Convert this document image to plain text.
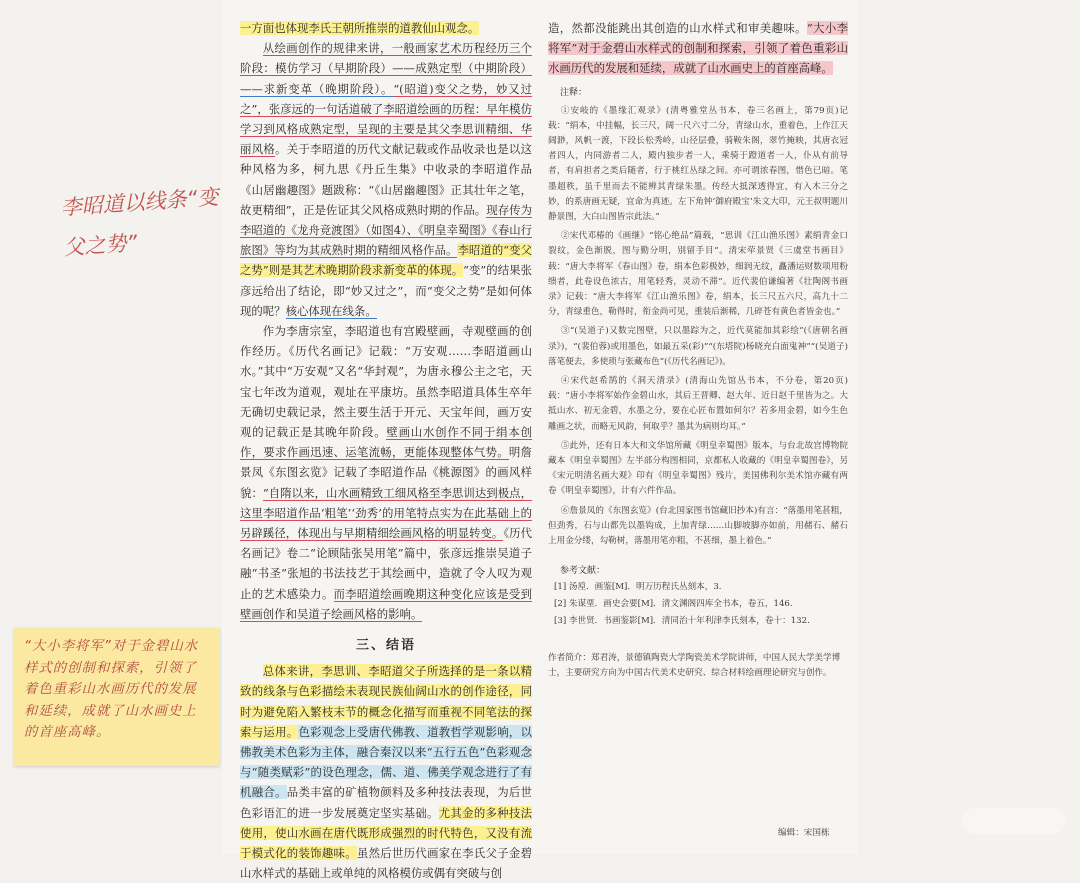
李昭道以线条“变父之势”
“大小李将军”对于金碧山水样式的创制和探索，引领了着色重彩山水画历代的发展和延续，成就了山水画史上的首座高峰。

一方面也体现李氏王朝所推崇的道教仙山观念。

从绘画创作的规律来讲，一般画家艺术历程经历三个阶段：模仿学习（早期阶段）——成熟定型（中期阶段）——求新变革（晚期阶段）。“(昭道)变父之势，妙又过之”，张彦远的一句话道破了李昭道绘画的历程：早年模仿学习到风格成熟定型，呈现的主要是其父李思训精细、华丽风格。关于李昭道的历代文献记载或作品收录也是以这种风格为多，柯九思《丹丘生集》中收录的李昭道作品《山居幽趣图》题跋称：“《山居幽趣图》正其壮年之笔，故更精细”，正是佐证其父风格成熟时期的作品。现存传为李昭道的《龙舟竞渡图》（如图4）、《明皇幸蜀图》《春山行旅图》等均为其成熟时期的精细风格作品。李昭道的“变父之势”则是其艺术晚期阶段求新变革的体现。“变”的结果张彦远给出了结论，即“妙又过之”，而“变父之势”是如何体现的呢？核心体现在线条。

作为李唐宗室，李昭道也有宫殿壁画，寺观壁画的创作经历。《历代名画记》记载：“万安观……李昭道画山水。”其中“万安观”又名“华封观”，为唐永穆公主之宅，天宝七年改为道观，观址在平康坊。虽然李昭道具体生卒年无确切史载记录，然主要生活于开元、天宝年间，画万安观的记载正是其晚年阶段。壁画山水创作不同于绢本创作，要求作画迅速、运笔流畅，更能体现整体气势。明詹景凤《东图玄览》记载了李昭道作品《桃源图》的画风样貌：“自隋以来，山水画精致工细风格至李思训达到极点，这里李昭道作品‘粗笔’‘劲秀’的用笔特点实为在此基础上的另辟蹊径，体现出与早期精细绘画风格的明显转变。《历代名画记》卷二“论顾陆张吴用笔”篇中，张彦远推崇吴道子融“书圣”张旭的书法技艺于其绘画中，造就了令人叹为观止的艺术感染力。而李昭道绘画晚期这种变化应该是受到壁画创作和吴道子绘画风格的影响。

三、结语

总体来讲，李思训、李昭道父子所选择的是一条以精致的线条与色彩描绘未表现民族仙阔山水的创作途径，同时为避免陷入繁枝末节的概念化描写而重视不同笔法的探索与运用。色彩观念上受唐代佛教、道教哲学观影响，以佛教美术色彩为主体，融合秦汉以来“五行五色”色彩观念与“随类赋彩”的设色理念，儒、道、佛美学观念进行了有机融合。品类丰富的矿植物颜料及多种技法表现，为后世色彩语汇的进一步发展奠定坚实基础。尤其金的多种技法使用，使山水画在唐代既形成强烈的时代特色，又没有流于模式化的装饰趣味。虽然后世历代画家在李氏父子金碧山水样式的基础上或单纯的风格模仿或偶有突破与创

造，然都没能跳出其创造的山水样式和审美趣味。“大小李将军”对于金碧山水样式的创制和探索，引领了着色重彩山水画历代的发展和延续，成就了山水画史上的首座高峰。

注释：

①安岐的《墨缘汇观录》(清粤雅堂丛书本，卷三名画上，第79页)记载：“绢本，中挂幅，长三尺，阔一尺六寸二分，青绿山水，重着色，上作江天阔渺，风帆一渡，下段长松秀岭，山径层叠，骑鞍朱阁，翠竹掩映，其唐衣冠者四人，内同游者二人，殿内独步者一人，乘骑于蹬道者一人，仆从有前导者，有肩担者之类后随者，行于桃红丛绿之间。亦可谓浓春图，惜色已暗。笔墨超秩，虽千里而去不能辨其青绿朱墨。传经大抵深透得宜，有入木三分之妙，的系唐画无疑，宜命为真迹。左下角钟‘御府殿宝’朱文大印，元王叔明题川静景图，大白山图皆宗此法。”

②宋代邓椿的《画继》“铭心绝品”篇载，“思训《江山渔乐图》素绢青金口裂纹，金色渐脱，图与勤分明，别留手目”。清宋荦景贤《三虞堂书画目》载：“唐大李将军《春山图》卷，绢本色彩极妙，细润无纹，矗潘运财数项用粉缋者，此卷设色浓古，用笔轻秀，灵动不滞”。近代裴伯谦编著《壮陶阁书画录》记载：“唐大李将军《江山渔乐图》卷，绢本，长三尺五六尺，高九十二分，青绿重色，勒得时，衔金尚可见，重装后渐稀，几碎苍有黄色者皆金也。”

③“(吴道子)又数完图壁，只以墨踪为之，近代莫能加其彩绘”(《唐朝名画录》)，“(裴伯蓉)或用墨色，如最五采(彩)”“(东塔院)杨晓充白面鬼神”“(吴道子)落笔便去，多使琐与张藏布色”(《历代名画记》)。

④宋代赵希鹄的《洞天清录》(清海山先馆丛书本，不分卷，第20页)载：“唐小李将军始作金碧山水，其后王晋卿、赵大年、近日赵千里皆为之。大抵山水、初无金碧，水墨之分，要在心匠布置如何尔？若多用金碧，如今生色雕画之状，而略无风韵，何取乎？墨其为病则均耳。”

⑤此外，还有日本大和文华馆所藏《明皇幸蜀图》版本，与台北故宫博物院藏本《明皇幸蜀图》左半部分构图相同，京都私人收藏的《明皇幸蜀图卷》，另《宋元明清名画大观》印有《明皇幸蜀图》残片，美国佛利尔美术馆亦藏有两卷《明皇幸蜀图》，计有六件作品。

⑥詹景凤的《东图玄览》(台北国家图书馆藏旧抄本)有言：“落墨用笔甚粗，但劲秀，石与山都先以墨钩成，上加青绿……山脚坡脚亦如前，用赭石、赭石上用金分缕，勾勒树，落墨用笔亦粗，不甚细，墨上着色。”

参考文献：
[1] 汤垕．画鉴[M]．明万历程氏丛刻本，3.
[2] 朱谋垔．画史会要[M]．清文渊阁四库全书本，卷五，146.
[3] 李世贤．书画鉴影[M]．清同治十年利津李氏刻本，卷十：132.
作者简介：郑君涛，景德镇陶瓷大学陶瓷美术学院讲师，中国人民大学美学博士，主要研究方向为中国古代美术史研究、综合材料绘画理论研究与创作。
编辑：宋国栋
